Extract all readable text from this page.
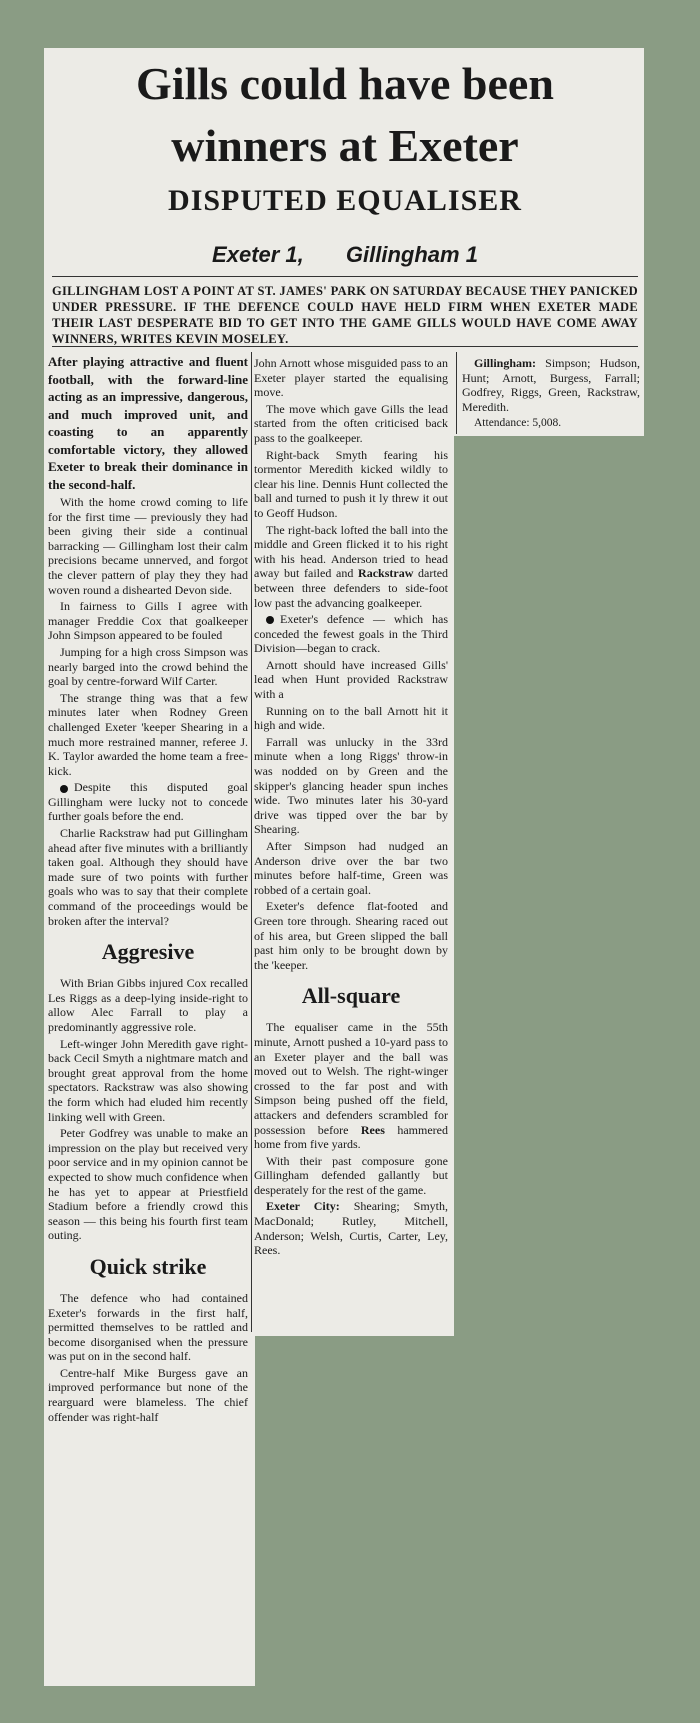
Gills could have been
winners at Exeter
DISPUTED EQUALISER
Exeter 1, Gillingham 1

GILLINGHAM LOST A POINT AT ST. JAMES' PARK ON SATURDAY BECAUSE THEY PANICKED UNDER PRESSURE. IF THE DEFENCE COULD HAVE HELD FIRM WHEN EXETER MADE THEIR LAST DESPERATE BID TO GET INTO THE GAME GILLS WOULD HAVE COME AWAY WINNERS, WRITES KEVIN MOSELEY.

After playing attractive and fluent football, with the forward-line acting as an impressive, dangerous, and much improved unit, and coasting to an apparently comfortable victory, they allowed Exeter to break their dominance in the second-half.

With the home crowd coming to life for the first time — previously they had been giving their side a continual barracking — Gillingham lost their calm precisions became unnerved, and forgot the clever pattern of play they they had woven round a dishearted Devon side.

In fairness to Gills I agree with manager Freddie Cox that goalkeeper John Simpson appeared to be fouled

Jumping for a high cross Simpson was nearly barged into the crowd behind the goal by centre-forward Wilf Carter.

The strange thing was that a few minutes later when Rodney Green challenged Exeter 'keeper Shearing in a much more restrained manner, referee J. K. Taylor awarded the home team a free-kick.

Despite this disputed goal Gillingham were lucky not to concede further goals before the end.

Charlie Rackstraw had put Gillingham ahead after five minutes with a brilliantly taken goal. Although they should have made sure of two points with further goals who was to say that their complete command of the proceedings would be broken after the interval?

Aggresive

With Brian Gibbs injured Cox recalled Les Riggs as a deep-lying inside-right to allow Alec Farrall to play a predominantly aggressive role.

Left-winger John Meredith gave right-back Cecil Smyth a nightmare match and brought great approval from the home spectators. Rackstraw was also showing the form which had eluded him recently linking well with Green.

Peter Godfrey was unable to make an impression on the play but received very poor service and in my opinion cannot be expected to show much confidence when he has yet to appear at Priestfield Stadium before a friendly crowd this season — this being his fourth first team outing.

Quick strike

The defence who had contained Exeter's forwards in the first half, permitted themselves to be rattled and become disorganised when the pressure was put on in the second half.

Centre-half Mike Burgess gave an improved performance but none of the rearguard were blameless. The chief offender was right-half

John Arnott whose misguided pass to an Exeter player started the equalising move.

The move which gave Gills the lead started from the often criticised back pass to the goalkeeper.

Right-back Smyth fearing his tormentor Meredith kicked wildly to clear his line. Dennis Hunt collected the ball and turned to push it ly threw it out to Geoff Hudson.

The right-back lofted the ball into the middle and Green flicked it to his right with his head. Anderson tried to head away but failed and Rackstraw darted between three defenders to side-foot low past the advancing goalkeeper.

Exeter's defence — which has conceded the fewest goals in the Third Division—began to crack.

Arnott should have increased Gills' lead when Hunt provided Rackstraw with a

Running on to the ball Arnott hit it high and wide.

Farrall was unlucky in the 33rd minute when a long Riggs' throw-in was nodded on by Green and the skipper's glancing header spun inches wide. Two minutes later his 30-yard drive was tipped over the bar by Shearing.

After Simpson had nudged an Anderson drive over the bar two minutes before half-time, Green was robbed of a certain goal.

Exeter's defence flat-footed and Green tore through. Shearing raced out of his area, but Green slipped the ball past him only to be brought down by the 'keeper.

All-square

The equaliser came in the 55th minute, Arnott pushed a 10-yard pass to an Exeter player and the ball was moved out to Welsh. The right-winger crossed to the far post and with Simpson being pushed off the field, attackers and defenders scrambled for possession before Rees hammered home from five yards.

With their past composure gone Gillingham defended gallantly but desperately for the rest of the game.

Exeter City: Shearing; Smyth, MacDonald; Rutley, Mitchell, Anderson; Welsh, Curtis, Carter, Ley, Rees.

Gillingham: Simpson; Hudson, Hunt; Arnott, Burgess, Farrall; Godfrey, Riggs, Green, Rackstraw, Meredith.

Attendance: 5,008.
